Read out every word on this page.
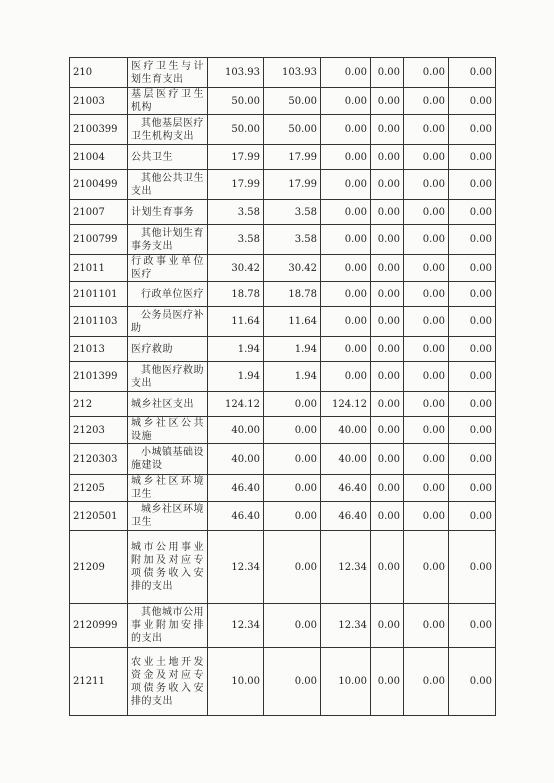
210	医疗卫生与计划生育支出	103.93	103.93	0.00	0.00	0.00	0.00
21003	基层医疗卫生机构	50.00	50.00	0.00	0.00	0.00	0.00
2100399	其他基层医疗卫生机构支出	50.00	50.00	0.00	0.00	0.00	0.00
21004	公共卫生	17.99	17.99	0.00	0.00	0.00	0.00
2100499	其他公共卫生支出	17.99	17.99	0.00	0.00	0.00	0.00
21007	计划生育事务	3.58	3.58	0.00	0.00	0.00	0.00
2100799	其他计划生育事务支出	3.58	3.58	0.00	0.00	0.00	0.00
21011	行政事业单位医疗	30.42	30.42	0.00	0.00	0.00	0.00
2101101	行政单位医疗	18.78	18.78	0.00	0.00	0.00	0.00
2101103	公务员医疗补助	11.64	11.64	0.00	0.00	0.00	0.00
21013	医疗救助	1.94	1.94	0.00	0.00	0.00	0.00
2101399	其他医疗救助支出	1.94	1.94	0.00	0.00	0.00	0.00
212	城乡社区支出	124.12	0.00	124.12	0.00	0.00	0.00
21203	城乡社区公共设施	40.00	0.00	40.00	0.00	0.00	0.00
2120303	小城镇基础设施建设	40.00	0.00	40.00	0.00	0.00	0.00
21205	城乡社区环境卫生	46.40	0.00	46.40	0.00	0.00	0.00
2120501	城乡社区环境卫生	46.40	0.00	46.40	0.00	0.00	0.00
21209	城市公用事业附加及对应专项债务收入安排的支出	12.34	0.00	12.34	0.00	0.00	0.00
2120999	其他城市公用事业附加安排的支出	12.34	0.00	12.34	0.00	0.00	0.00
21211	农业土地开发资金及对应专项债务收入安排的支出	10.00	0.00	10.00	0.00	0.00	0.00
